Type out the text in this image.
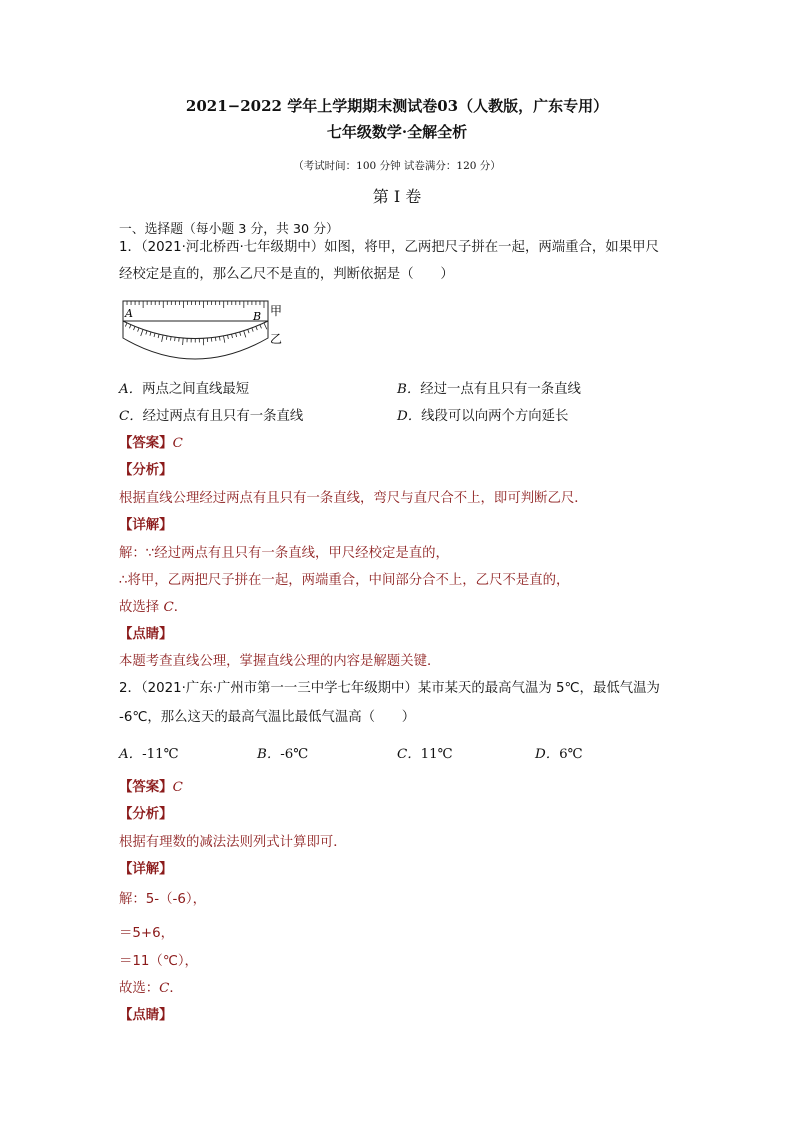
2021−2022 学年上学期期末测试卷03（人教版，广东专用）
七年级数学·全解全析
（考试时间：100 分钟 试卷满分：120 分）
第 I 卷
一、选择题（每小题 3 分，共 30 分）
1．（2021·河北桥西·七年级期中）如图，将甲，乙两把尺子拼在一起，两端重合，如果甲尺
经校定是直的，那么乙尺不是直的，判断依据是（　　）
A	B 甲
乙
A．两点之间直线最短	B．经过一点有且只有一条直线
C．经过两点有且只有一条直线	D．线段可以向两个方向延长
【答案】C
【分析】
根据直线公理经过两点有且只有一条直线，弯尺与直尺合不上，即可判断乙尺．
【详解】
解：∵经过两点有且只有一条直线，甲尺经校定是直的，
∴将甲，乙两把尺子拼在一起，两端重合，中间部分合不上，乙尺不是直的，
故选择 C．
【点睛】
本题考查直线公理，掌握直线公理的内容是解题关键．
2．（2021·广东·广州市第一一三中学七年级期中）某市某天的最高气温为 5℃，最低气温为
-6℃，那么这天的最高气温比最低气温高（　　）
A．-11℃	B．-6℃	C．11℃	D．6℃
【答案】C
【分析】
根据有理数的减法法则列式计算即可．
【详解】
解：5-（-6），
＝5+6，
＝11（℃），
故选：C．
【点睛】
